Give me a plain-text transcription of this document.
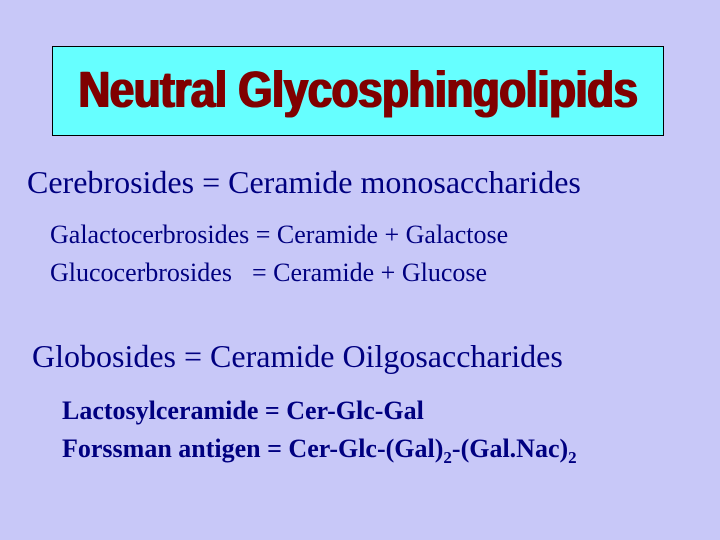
Neutral Glycosphingolipids
Cerebrosides = Ceramide monosaccharides
Galactocerbrosides = Ceramide + Galactose
Glucocerbrosides = Ceramide + Glucose
Globosides = Ceramide Oilgosaccharides
Lactosylceramide = Cer-Glc-Gal
Forssman antigen = Cer-$Glc-(Gal)_2-(Gal.Nac)_2$
